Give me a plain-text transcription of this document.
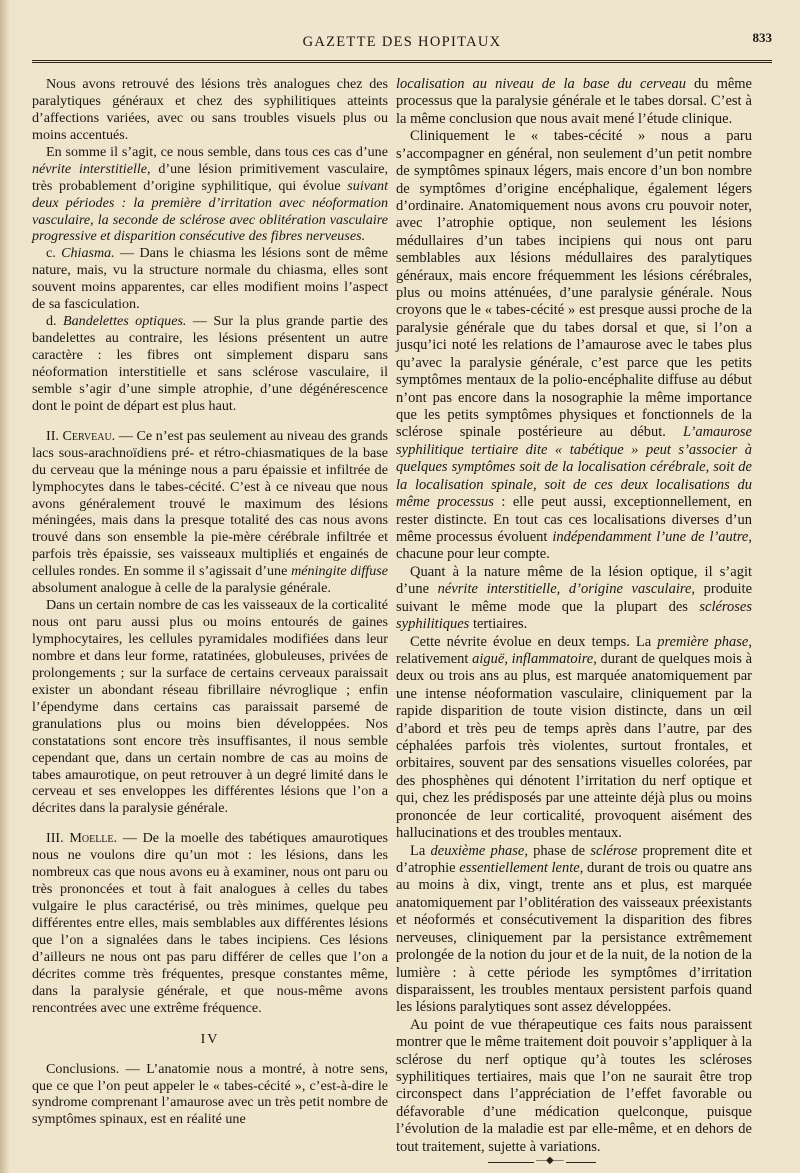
GAZETTE DES HOPITAUX	833

Nous avons retrouvé des lésions très analogues chez des paralytiques généraux et chez des syphilitiques atteints d’affections variées, avec ou sans troubles visuels plus ou moins accentués.

En somme il s’agit, ce nous semble, dans tous ces cas d’une névrite interstitielle, d’une lésion primitivement vasculaire, très probablement d’origine syphilitique, qui évolue suivant deux périodes : la première d’irritation avec néoformation vasculaire, la seconde de sclérose avec oblitération vasculaire progressive et disparition consécutive des fibres nerveuses.

c. Chiasma. — Dans le chiasma les lésions sont de même nature, mais, vu la structure normale du chiasma, elles sont souvent moins apparentes, car elles modifient moins l’aspect de sa fasciculation.

d. Bandelettes optiques. — Sur la plus grande partie des bandelettes au contraire, les lésions présentent un autre caractère : les fibres ont simplement disparu sans néoformation interstitielle et sans sclérose vasculaire, il semble s’agir d’une simple atrophie, d’une dégénérescence dont le point de départ est plus haut.

II. Cerveau. — Ce n’est pas seulement au niveau des grands lacs sous-arachnoïdiens pré- et rétro-chiasmatiques de la base du cerveau que la méninge nous a paru épaissie et infiltrée de lymphocytes dans le tabes-cécité. C’est à ce niveau que nous avons généralement trouvé le maximum des lésions méningées, mais dans la presque totalité des cas nous avons trouvé dans son ensemble la pie-mère cérébrale infiltrée et parfois très épaissie, ses vaisseaux multipliés et engainés de cellules rondes. En somme il s’agissait d’une méningite diffuse absolument analogue à celle de la paralysie générale.

Dans un certain nombre de cas les vaisseaux de la corticalité nous ont paru aussi plus ou moins entourés de gaines lymphocytaires, les cellules pyramidales modifiées dans leur nombre et dans leur forme, ratatinées, globuleuses, privées de prolongements ; sur la surface de certains cerveaux paraissait exister un abondant réseau fibrillaire névroglique ; enfin l’épendyme dans certains cas paraissait parsemé de granulations plus ou moins bien développées. Nos constatations sont encore très insuffisantes, il nous semble cependant que, dans un certain nombre de cas au moins de tabes amaurotique, on peut retrouver à un degré limité dans le cerveau et ses enveloppes les différentes lésions que l’on a décrites dans la paralysie générale.

III. Moelle. — De la moelle des tabétiques amaurotiques nous ne voulons dire qu’un mot : les lésions, dans les nombreux cas que nous avons eu à examiner, nous ont paru ou très prononcées et tout à fait analogues à celles du tabes vulgaire le plus caractérisé, ou très minimes, quelque peu différentes entre elles, mais semblables aux différentes lésions que l’on a signalées dans le tabes incipiens. Ces lésions d’ailleurs ne nous ont pas paru différer de celles que l’on a décrites comme très fréquentes, presque constantes même, dans la paralysie générale, et que nous-même avons rencontrées avec une extrême fréquence.

IV

Conclusions. — L’anatomie nous a montré, à notre sens, que ce que l’on peut appeler le « tabes-cécité », c’est-à-dire le syndrome comprenant l’amaurose avec un très petit nombre de symptômes spinaux, est en réalité une

localisation au niveau de la base du cerveau du même processus que la paralysie générale et le tabes dorsal. C’est à la même conclusion que nous avait mené l’étude clinique.

Cliniquement le « tabes-cécité » nous a paru s’accompagner en général, non seulement d’un petit nombre de symptômes spinaux légers, mais encore d’un bon nombre de symptômes d’origine encéphalique, également légers d’ordinaire. Anatomiquement nous avons cru pouvoir noter, avec l’atrophie optique, non seulement les lésions médullaires d’un tabes incipiens qui nous ont paru semblables aux lésions médullaires des paralytiques généraux, mais encore fréquemment les lésions cérébrales, plus ou moins atténuées, d’une paralysie générale. Nous croyons que le « tabes-cécité » est presque aussi proche de la paralysie générale que du tabes dorsal et que, si l’on a jusqu’ici noté les relations de l’amaurose avec le tabes plus qu’avec la paralysie générale, c’est parce que les petits symptômes mentaux de la polio-encéphalite diffuse au début n’ont pas encore dans la nosographie la même importance que les petits symptômes physiques et fonctionnels de la sclérose spinale postérieure au début. L’amaurose syphilitique tertiaire dite « tabétique » peut s’associer à quelques symptômes soit de la localisation cérébrale, soit de la localisation spinale, soit de ces deux localisations du même processus : elle peut aussi, exceptionnellement, en rester distincte. En tout cas ces localisations diverses d’un même processus évoluent indépendamment l’une de l’autre, chacune pour leur compte.

Quant à la nature même de la lésion optique, il s’agit d’une névrite interstitielle, d’origine vasculaire, produite suivant le même mode que la plupart des scléroses syphilitiques tertiaires.

Cette névrite évolue en deux temps. La première phase, relativement aiguë, inflammatoire, durant de quelques mois à deux ou trois ans au plus, est marquée anatomiquement par une intense néoformation vasculaire, cliniquement par la rapide disparition de toute vision distincte, dans un œil d’abord et très peu de temps après dans l’autre, par des céphalées parfois très violentes, surtout frontales, et orbitaires, souvent par des sensations visuelles colorées, par des phosphènes qui dénotent l’irritation du nerf optique et qui, chez les prédisposés par une atteinte déjà plus ou moins prononcée de leur corticalité, provoquent aisément des hallucinations et des troubles mentaux.

La deuxième phase, phase de sclérose proprement dite et d’atrophie essentiellement lente, durant de trois ou quatre ans au moins à dix, vingt, trente ans et plus, est marquée anatomiquement par l’oblitération des vaisseaux préexistants et néoformés et consécutivement la disparition des fibres nerveuses, cliniquement par la persistance extrêmement prolongée de la notion du jour et de la nuit, de la notion de la lumière : à cette période les symptômes d’irritation disparaissent, les troubles mentaux persistent parfois quand les lésions paralytiques sont assez développées.

Au point de vue thérapeutique ces faits nous paraissent montrer que le même traitement doit pouvoir s’appliquer à la sclérose du nerf optique qu’à toutes les scléroses syphilitiques tertiaires, mais que l’on ne saurait être trop circonspect dans l’appréciation de l’effet favorable ou défavorable d’une médication quelconque, puisque l’évolution de la maladie est par elle-même, et en dehors de tout traitement, sujette à variations.

—◆—
